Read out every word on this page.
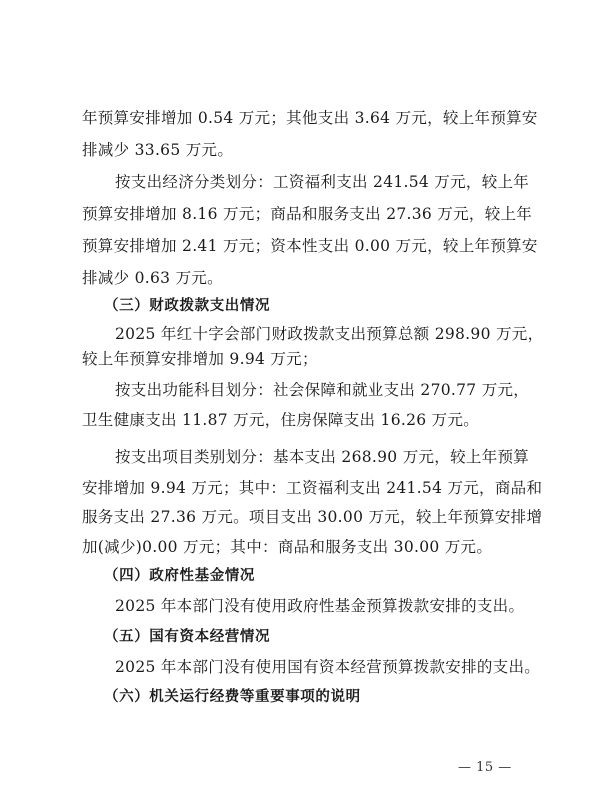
年预算安排增加 0.54 万元；其他支出 3.64 万元，较上年预算安
排减少 33.65 万元。
按支出经济分类划分：工资福利支出 241.54 万元，较上年
预算安排增加 8.16 万元；商品和服务支出 27.36 万元，较上年
预算安排增加 2.41 万元；资本性支出 0.00 万元，较上年预算安
排减少 0.63 万元。
（三）财政拨款支出情况
2025 年红十字会部门财政拨款支出预算总额 298.90 万元，
较上年预算安排增加 9.94 万元；
按支出功能科目划分：社会保障和就业支出 270.77 万元，
卫生健康支出 11.87 万元，住房保障支出 16.26 万元。
按支出项目类别划分：基本支出 268.90 万元，较上年预算
安排增加 9.94 万元；其中：工资福利支出 241.54 万元，商品和
服务支出 27.36 万元。项目支出 30.00 万元，较上年预算安排增
加(减少)0.00 万元；其中：商品和服务支出 30.00 万元。
（四）政府性基金情况
2025 年本部门没有使用政府性基金预算拨款安排的支出。
（五）国有资本经营情况
2025 年本部门没有使用国有资本经营预算拨款安排的支出。
（六）机关运行经费等重要事项的说明
— 15 —
